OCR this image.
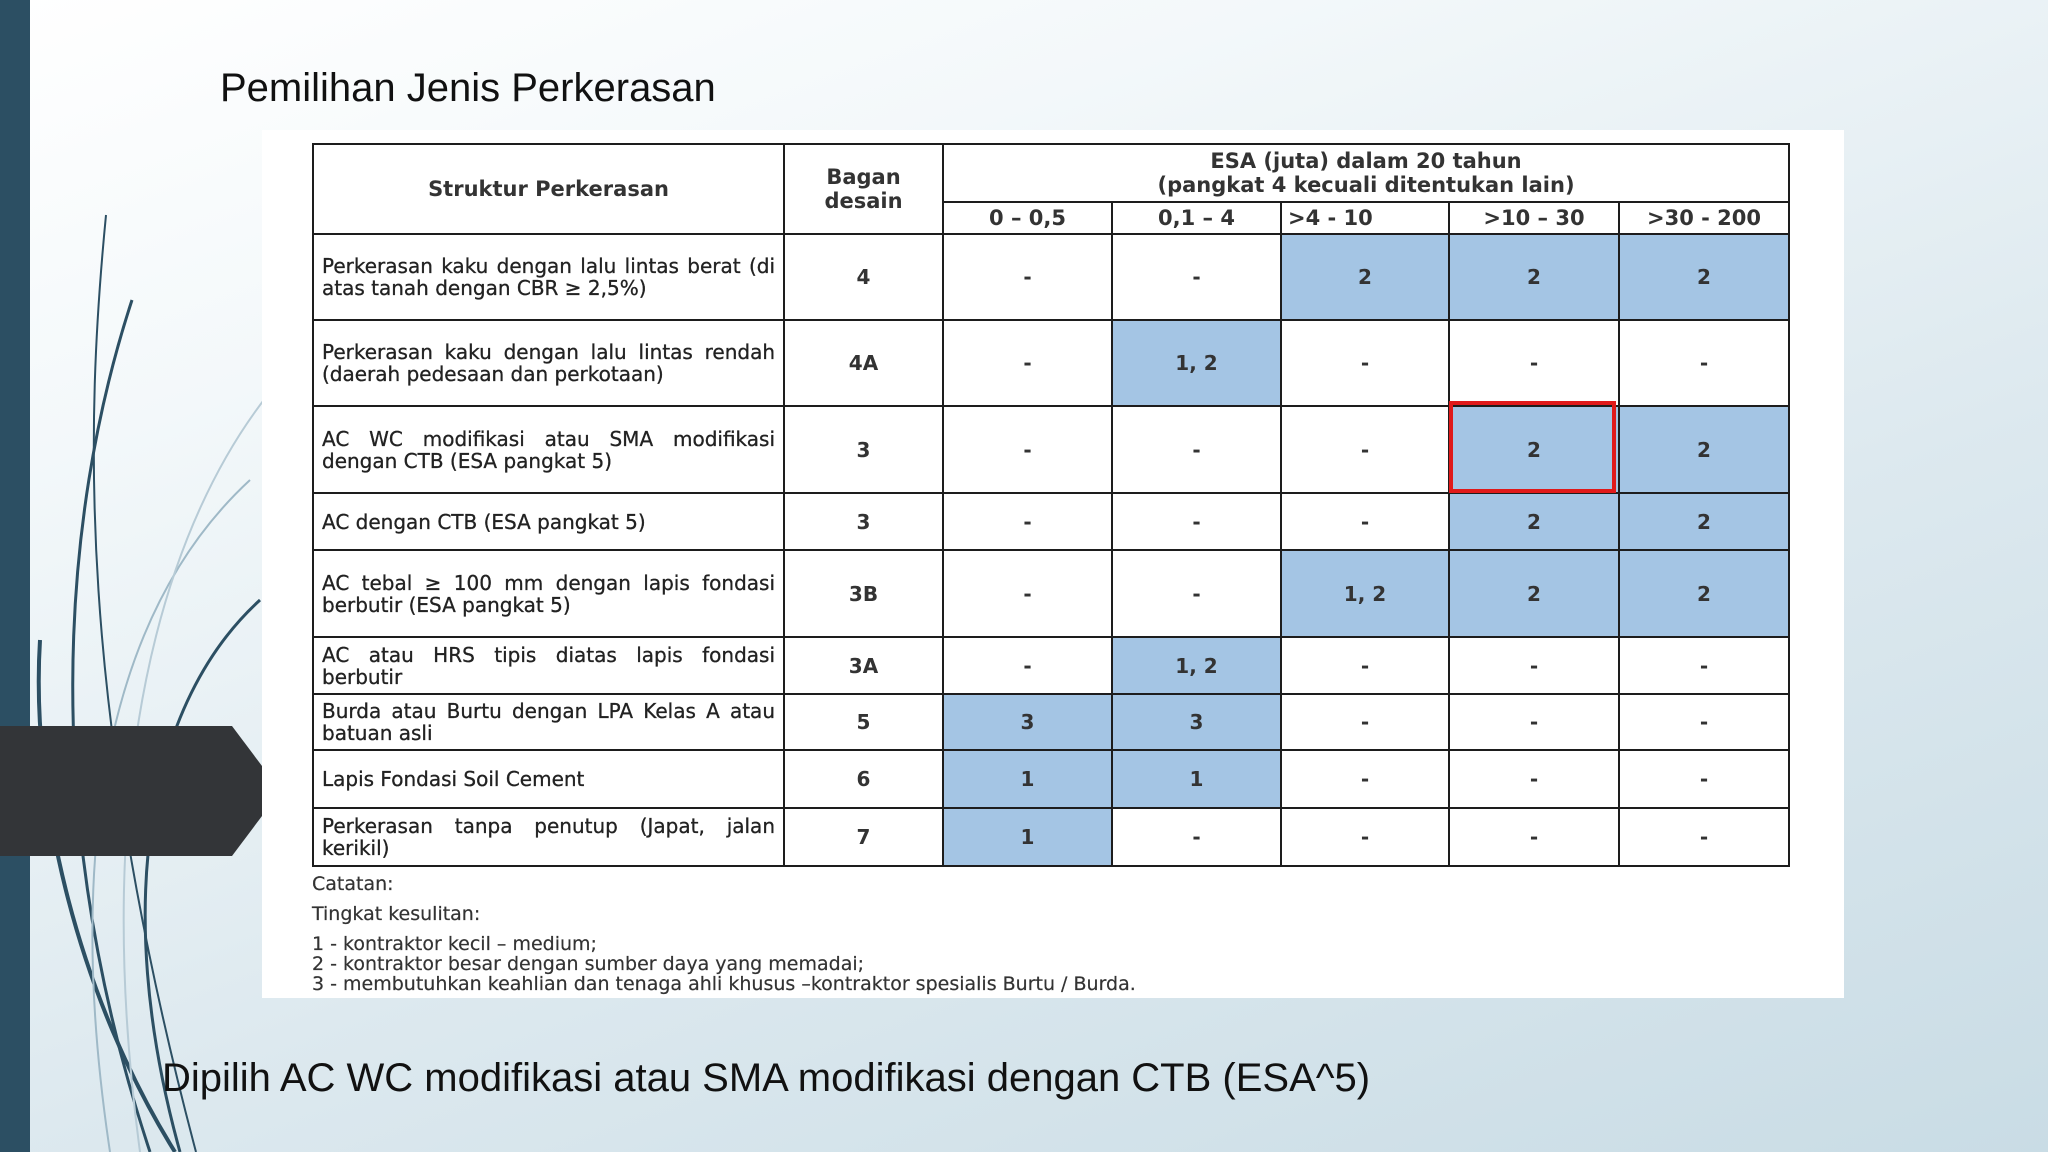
Pemilihan Jenis Perkerasan
Struktur Perkerasan	Bagan desain	ESA (juta) dalam 20 tahun
(pangkat 4 kecuali ditentukan lain)				

		0 – 0,5	0,1 – 4	>4 - 10	>10 – 30	>30 - 200
Perkerasan kaku dengan lalu lintas berat (di atas tanah dengan CBR ≥ 2,5%)	4	-	-	2	2	2
Perkerasan kaku dengan lalu lintas rendah (daerah pedesaan dan perkotaan)	4A	-	1, 2	-	-	-
AC WC modifikasi atau SMA modifikasi dengan CTB (ESA pangkat 5)	3	-	-	-	2	2
AC dengan CTB (ESA pangkat 5)	3	-	-	-	2	2
AC tebal ≥ 100 mm dengan lapis fondasi berbutir (ESA pangkat 5)	3B	-	-	1, 2	2	2
AC atau HRS tipis diatas lapis fondasi berbutir	3A	-	1, 2	-	-	-
Burda atau Burtu dengan LPA Kelas A atau batuan asli	5	3	3	-	-	-
Lapis Fondasi Soil Cement	6	1	1	-	-	-
Perkerasan tanpa penutup (Japat, jalan kerikil)	7	1	-	-	-	-
Catatan:
Tingkat kesulitan:
1 - kontraktor kecil – medium;
2 - kontraktor besar dengan sumber daya yang memadai;
3 - membutuhkan keahlian dan tenaga ahli khusus –kontraktor spesialis Burtu / Burda.
Dipilih AC WC modifikasi atau SMA modifikasi dengan CTB (ESA^5)
